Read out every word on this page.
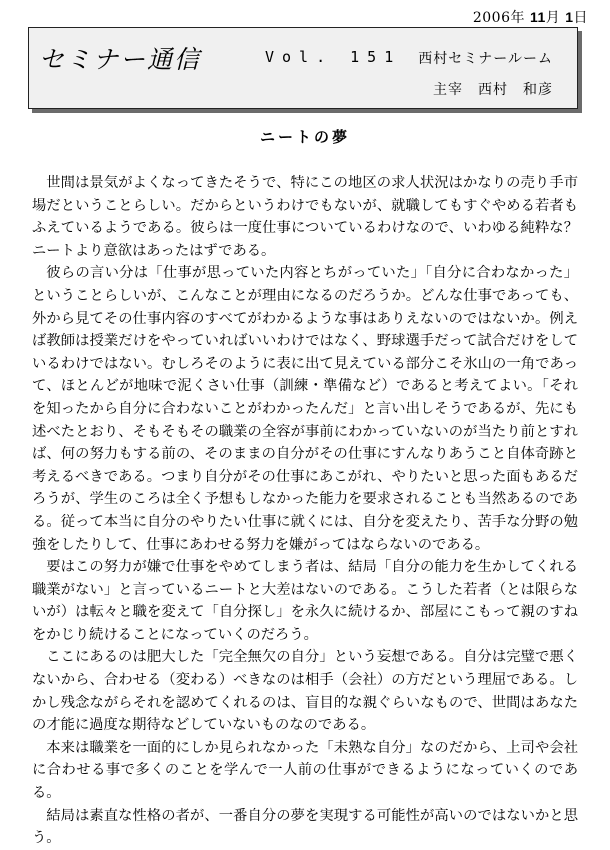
2006年 11月 1日
セミナー通信	Vol. 151 西村セミナールーム
主宰　西村　和彦
ニートの夢

世間は景気がよくなってきたそうで、特にこの地区の求人状況はかなりの売り手市場だということらしい。だからというわけでもないが、就職してもすぐやめる若者もふえているようである。彼らは一度仕事についているわけなので、いわゆる純粋な？ニートより意欲はあったはずである。

彼らの言い分は「仕事が思っていた内容とちがっていた」「自分に合わなかった」ということらしいが、こんなことが理由になるのだろうか。どんな仕事であっても、外から見てその仕事内容のすべてがわかるような事はありえないのではないか。例えば教師は授業だけをやっていればいいわけではなく、野球選手だって試合だけをしているわけではない。むしろそのように表に出て見えている部分こそ氷山の一角であって、ほとんどが地味で泥くさい仕事（訓練・準備など）であると考えてよい。「それを知ったから自分に合わないことがわかったんだ」と言い出しそうであるが、先にも述べたとおり、そもそもその職業の全容が事前にわかっていないのが当たり前とすれば、何の努力もする前の、そのままの自分がその仕事にすんなりあうこと自体奇跡と考えるべきである。つまり自分がその仕事にあこがれ、やりたいと思った面もあるだろうが、学生のころは全く予想もしなかった能力を要求されることも当然あるのである。従って本当に自分のやりたい仕事に就くには、自分を変えたり、苦手な分野の勉強をしたりして、仕事にあわせる努力を嫌がってはならないのである。

要はこの努力が嫌で仕事をやめてしまう者は、結局「自分の能力を生かしてくれる職業がない」と言っているニートと大差はないのである。こうした若者（とは限らないが）は転々と職を変えて「自分探し」を永久に続けるか、部屋にこもって親のすねをかじり続けることになっていくのだろう。

ここにあるのは肥大した「完全無欠の自分」という妄想である。自分は完璧で悪くないから、合わせる（変わる）べきなのは相手（会社）の方だという理屈である。しかし残念ながらそれを認めてくれるのは、盲目的な親ぐらいなもので、世間はあなたの才能に過度な期待などしていないものなのである。

本来は職業を一面的にしか見られなかった「未熟な自分」なのだから、上司や会社に合わせる事で多くのことを学んで一人前の仕事ができるようになっていくのである。

結局は素直な性格の者が、一番自分の夢を実現する可能性が高いのではないかと思う。
